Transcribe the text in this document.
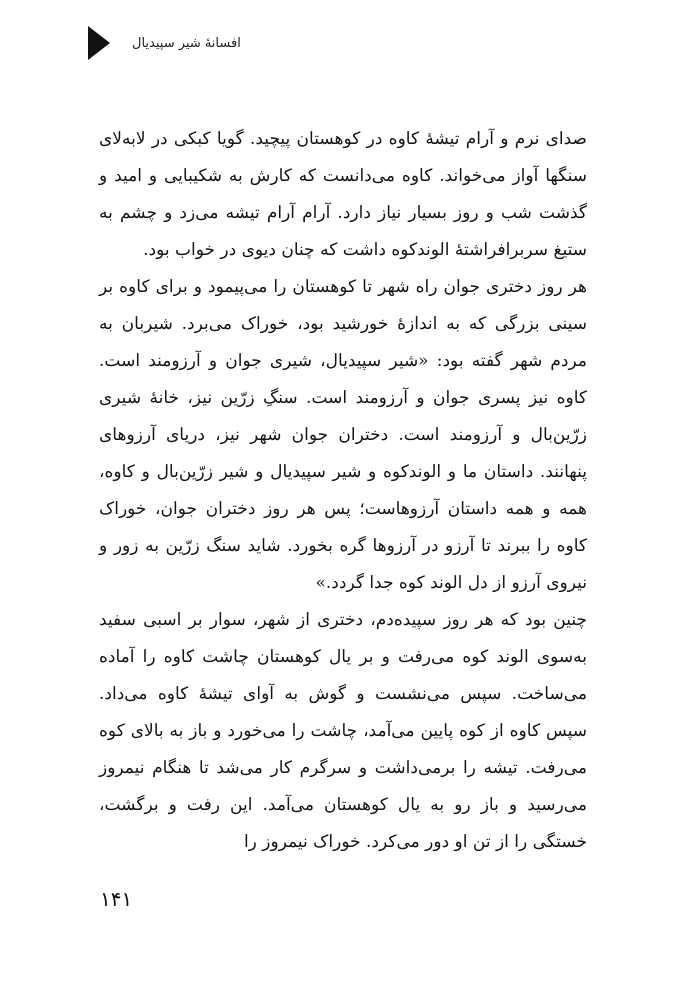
افسانهٔ شیر سپیدیال

صدای نرم و آرام تیشهٔ کاوه در کوهستان پیچید. گویا کبکی در لابه‌لای سنگها آواز می‌خواند. کاوه می‌دانست که کارش به شکیبایی و امید و گذشت شب و روز بسیار نیاز دارد. آرام آرام تیشه می‌زد و چشم به ستیغ سربرافراشتهٔ الوندکوه داشت که چنان دیوی در خواب بود.

هر روز دختری جوان راه شهر تا کوهستان را می‌پیمود و برای کاوه بر سینی بزرگی که به اندازهٔ خورشید بود، خوراک می‌برد. شیربان به مردم شهر گفته بود: «شیر سپیدیال، شیری جوان و آرزومند است. کاوه نیز پسری جوان و آرزومند است. سنگِ زرّین نیز، خانهٔ شیری زرّین‌بال و آرزومند است. دختران جوان شهر نیز، دریای آرزوهای پنهانند. داستان ما و الوندکوه و شیر سپیدیال و شیر زرّین‌بال و کاوه، همه و همه داستان آرزوهاست؛ پس هر روز دختران جوان، خوراک کاوه را ببرند تا آرزو در آرزوها گره بخورد. شاید سنگ زرّین به زور و نیروی آرزو از دل الوند کوه جدا گردد.»

چنین بود که هر روز سپیده‌دم، دختری از شهر، سوار بر اسبی سفید به‌سوی الوند کوه می‌رفت و بر یال کوهستان چاشت کاوه را آماده می‌ساخت. سپس می‌نشست و گوش به آوای تیشهٔ کاوه می‌داد. سپس کاوه از کوه پایین می‌آمد، چاشت را می‌خورد و باز به بالای کوه می‌رفت. تیشه را برمی‌داشت و سرگرم کار می‌شد تا هنگام نیمروز می‌رسید و باز رو به یال کوهستان می‌آمد. این رفت و برگشت، خستگی را از تن او دور می‌کرد. خوراک نیمروز را

۱۴۱
